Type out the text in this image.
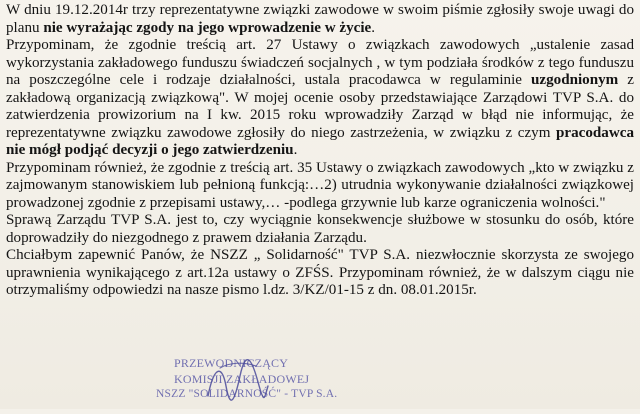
W dniu 19.12.2014r trzy reprezentatywne związki zawodowe w swoim piśmie zgłosiły swoje uwagi do planu nie wyrażając zgody na jego wprowadzenie w życie.

Przypominam, że zgodnie treścią art. 27 Ustawy o związkach zawodowych „ustalenie zasad wykorzystania zakładowego funduszu świadczeń socjalnych , w tym podziała środków z tego funduszu na poszczególne cele i rodzaje działalności, ustala pracodawca w regulaminie uzgodnionym z zakładową organizacją związkową". W mojej ocenie osoby przedstawiające Zarządowi TVP S.A. do zatwierdzenia prowizorium na I kw. 2015 roku wprowadziły Zarząd w błąd nie informując, że reprezentatywne związku zawodowe zgłosiły do niego zastrzeżenia, w związku z czym pracodawca nie mógł podjąć decyzji o jego zatwierdzeniu.

Przypominam również, że zgodnie z treścią art. 35 Ustawy o związkach zawodowych „kto w związku z zajmowanym stanowiskiem lub pełnioną funkcją:…2) utrudnia wykonywanie działalności związkowej prowadzonej zgodnie z przepisami ustawy,… -podlega grzywnie lub karze ograniczenia wolności."

Sprawą Zarządu TVP S.A. jest to, czy wyciągnie konsekwencje służbowe w stosunku do osób, które doprowadziły do niezgodnego z prawem działania Zarządu.

Chciałbym zapewnić Panów, że NSZZ „ Solidarność" TVP S.A. niezwłocznie skorzysta ze swojego uprawnienia wynikającego z art.12a ustawy o ZFŚS. Przypominam również, że w dalszym ciągu nie otrzymaliśmy odpowiedzi na nasze pismo l.dz. 3/KZ/01-15 z dn. 08.01.2015r.

PRZEWODNICZĄCY
KOMISJI ZAKŁADOWEJ
NSZZ "SOLIDARNOŚĆ" - TVP S.A.
